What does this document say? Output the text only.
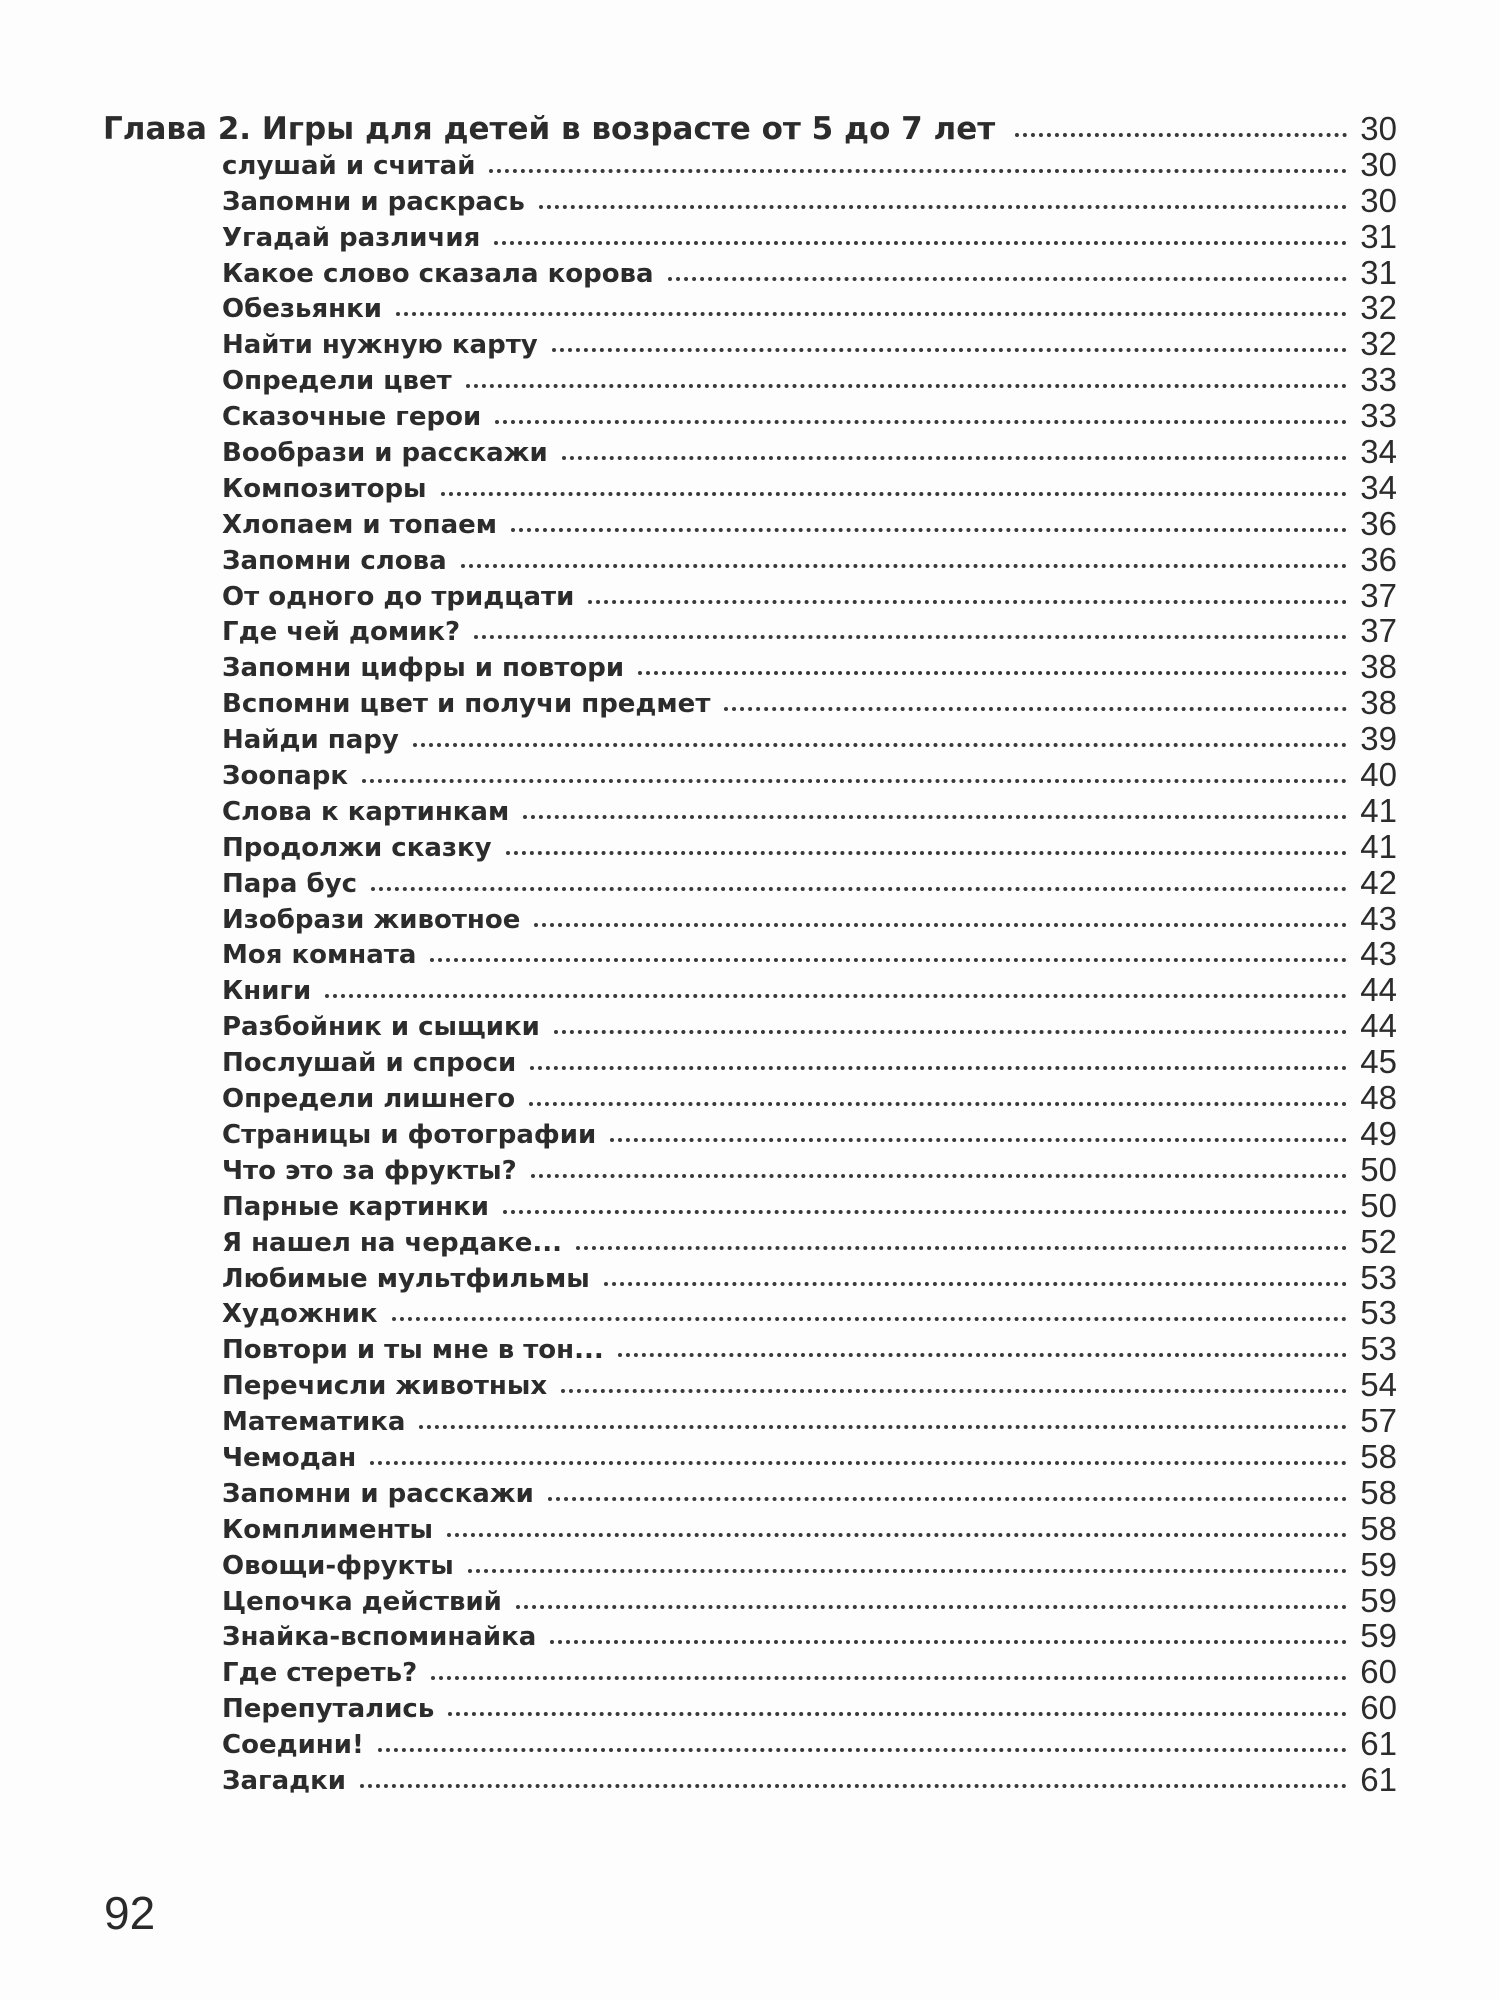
Глава 2. Игры для детей в возрасте от 5 до 7 лет	30
слушай и считай	30
Запомни и раскрась	30
Угадай различия	31
Какое слово сказала корова	31
Обезьянки	32
Найти нужную карту	32
Определи цвет	33
Сказочные герои	33
Вообрази и расскажи	34
Композиторы	34
Хлопаем и топаем	36
Запомни слова	36
От одного до тридцати	37
Где чей домик?	37
Запомни цифры и повтори	38
Вспомни цвет и получи предмет	38
Найди пару	39
Зоопарк	40
Слова к картинкам	41
Продолжи сказку	41
Пара бус	42
Изобрази животное	43
Моя комната	43
Книги	44
Разбойник и сыщики	44
Послушай и спроси	45
Определи лишнего	48
Страницы и фотографии	49
Что это за фрукты?	50
Парные картинки	50
Я нашел на чердаке...	52
Любимые мультфильмы	53
Художник	53
Повтори и ты мне в тон...	53
Перечисли животных	54
Математика	57
Чемодан	58
Запомни и расскажи	58
Комплименты	58
Овощи-фрукты	59
Цепочка действий	59
Знайка-вспоминайка	59
Где стереть?	60
Перепутались	60
Соедини!	61
Загадки	61
92
